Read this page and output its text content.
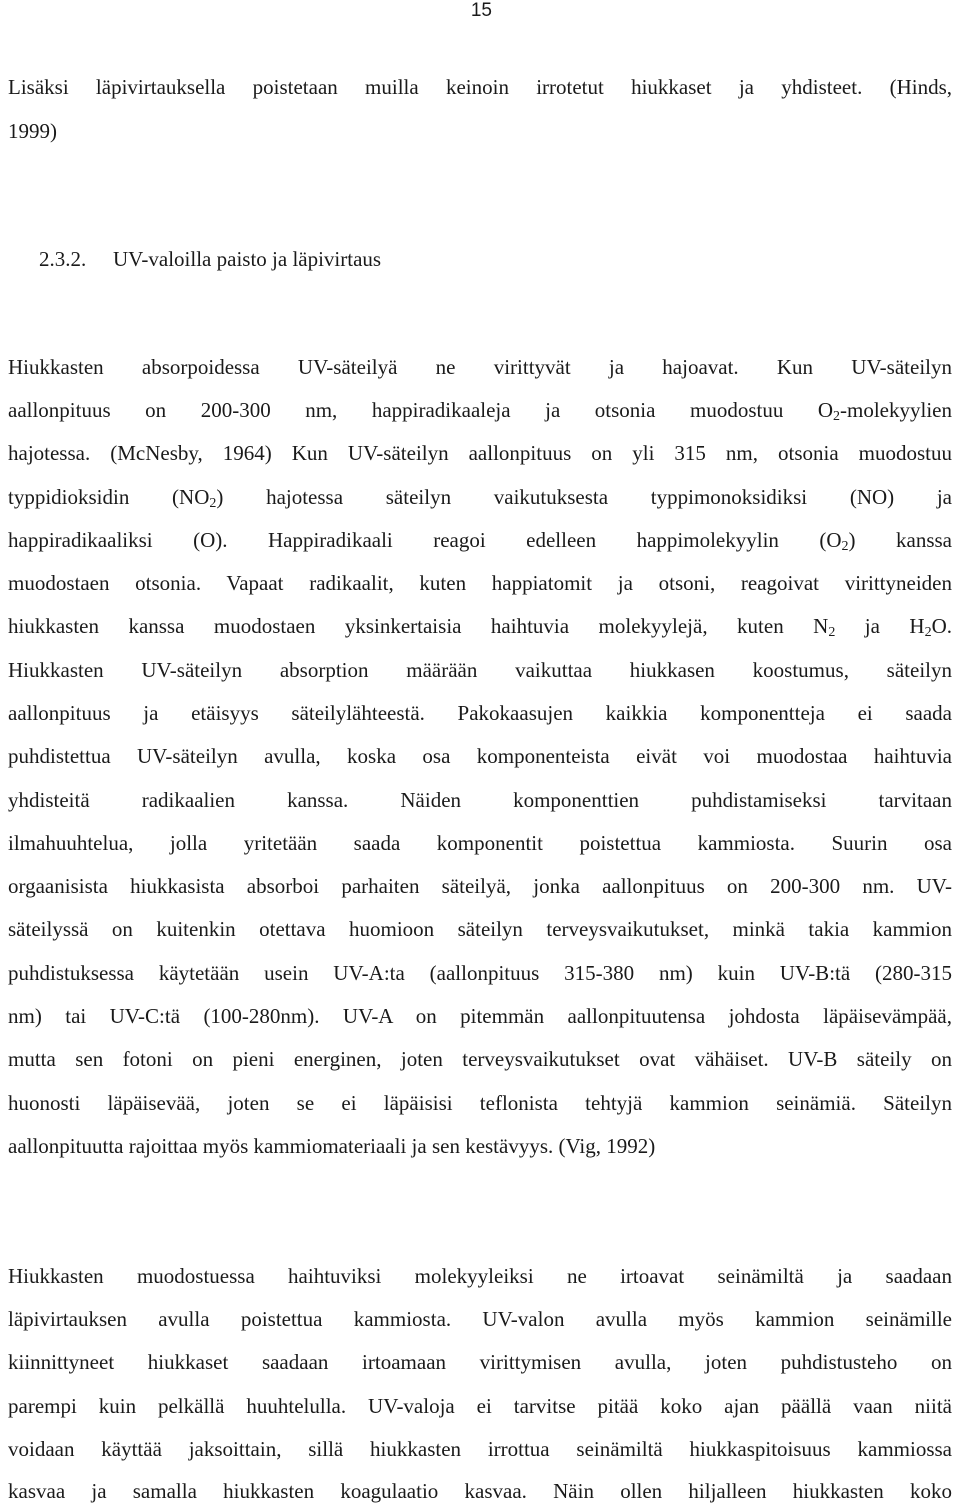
15
Lisäksi läpivirtauksella poistetaan muilla keinoin irrotetut hiukkaset ja yhdisteet. (Hinds,
1999)
2.3.2. UV-valoilla paisto ja läpivirtaus
Hiukkasten absorpoidessa UV-säteilyä ne virittyvät ja hajoavat. Kun UV-säteilyn
aallonpituus on 200-300 nm, happiradikaaleja ja otsonia muodostuu $O_2$-molekyylien
hajotessa. (McNesby, 1964) Kun UV-säteilyn aallonpituus on yli 315 nm, otsonia muodostuu
typpidioksidin $(NO_2)$ hajotessa säteilyn vaikutuksesta typpimonoksidiksi (NO) ja
happiradikaaliksi (O). Happiradikaali reagoi edelleen happimolekyylin $(O_2)$ kanssa
muodostaen otsonia. Vapaat radikaalit, kuten happiatomit ja otsoni, reagoivat virittyneiden
hiukkasten kanssa muodostaen yksinkertaisia haihtuvia molekyylejä, kuten $N_2$ ja $H_2O$.
Hiukkasten UV-säteilyn absorption määrään vaikuttaa hiukkasen koostumus, säteilyn
aallonpituus ja etäisyys säteilylähteestä. Pakokaasujen kaikkia komponentteja ei saada
puhdistettua UV-säteilyn avulla, koska osa komponenteista eivät voi muodostaa haihtuvia
yhdisteitä radikaalien kanssa. Näiden komponenttien puhdistamiseksi tarvitaan
ilmahuuhtelua, jolla yritetään saada komponentit poistettua kammiosta. Suurin osa
orgaanisista hiukkasista absorboi parhaiten säteilyä, jonka aallonpituus on 200-300 nm. UV-
säteilyssä on kuitenkin otettava huomioon säteilyn terveysvaikutukset, minkä takia kammion
puhdistuksessa käytetään usein UV-A:ta (aallonpituus 315-380 nm) kuin UV-B:tä (280-315
nm) tai UV-C:tä (100-280nm). UV-A on pitemmän aallonpituutensa johdosta läpäisevämpää,
mutta sen fotoni on pieni energinen, joten terveysvaikutukset ovat vähäiset. UV-B säteily on
huonosti läpäisevää, joten se ei läpäisisi teflonista tehtyjä kammion seinämiä. Säteilyn
aallonpituutta rajoittaa myös kammiomateriaali ja sen kestävyys. (Vig, 1992)
Hiukkasten muodostuessa haihtuviksi molekyyleiksi ne irtoavat seinämiltä ja saadaan
läpivirtauksen avulla poistettua kammiosta. UV-valon avulla myös kammion seinämille
kiinnittyneet hiukkaset saadaan irtoamaan virittymisen avulla, joten puhdistusteho on
parempi kuin pelkällä huuhtelulla. UV-valoja ei tarvitse pitää koko ajan päällä vaan niitä
voidaan käyttää jaksoittain, sillä hiukkasten irrottua seinämiltä hiukkaspitoisuus kammiossa
kasvaa ja samalla hiukkasten koagulaatio kasvaa. Näin ollen hiljalleen hiukkasten koko
